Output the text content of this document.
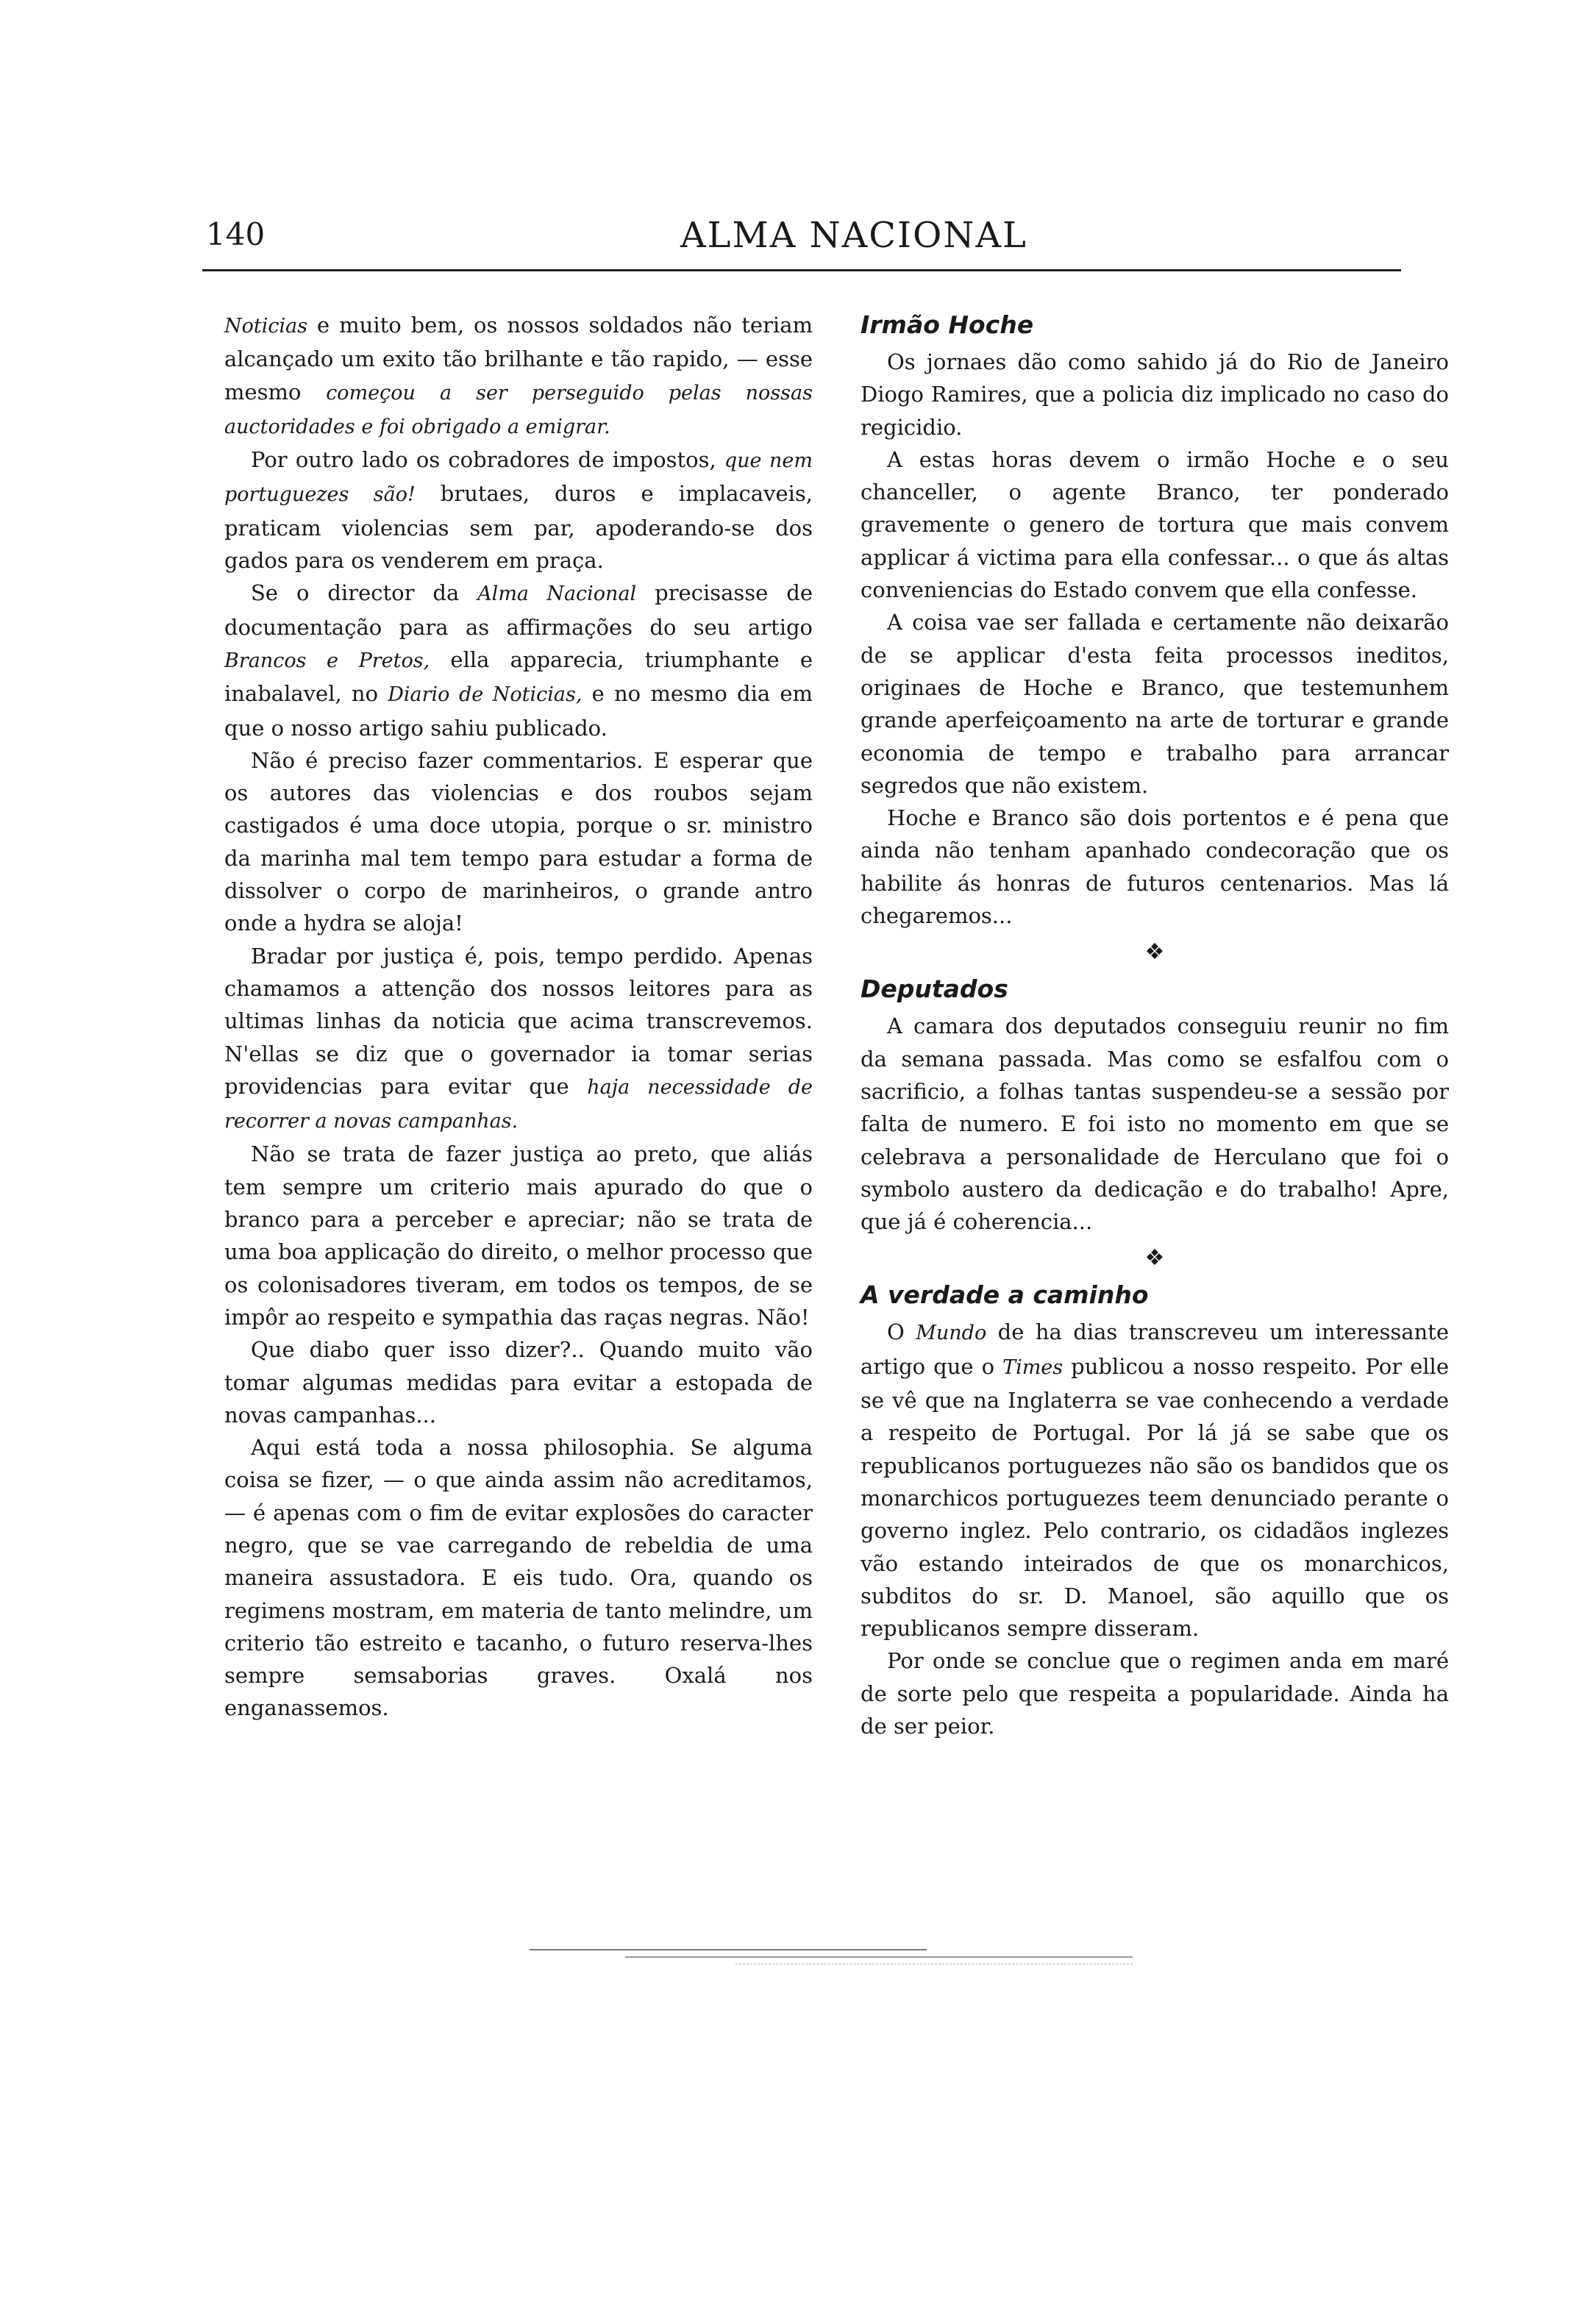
140	ALMA NACIONAL

Noticias e muito bem, os nossos soldados não teriam alcançado um exito tão brilhante e tão rapido, — esse mesmo começou a ser perseguido pelas nossas auctoridades e foi obrigado a emigrar.

Por outro lado os cobradores de impostos, que nem portuguezes são! brutaes, duros e implacaveis, praticam violencias sem par, apoderando-se dos gados para os venderem em praça.

Se o director da Alma Nacional precisasse de documentação para as affirmações do seu artigo Brancos e Pretos, ella apparecia, triumphante e inabalavel, no Diario de Noticias, e no mesmo dia em que o nosso artigo sahiu publicado.

Não é preciso fazer commentarios. E esperar que os autores das violencias e dos roubos sejam castigados é uma doce utopia, porque o sr. ministro da marinha mal tem tempo para estudar a forma de dissolver o corpo de marinheiros, o grande antro onde a hydra se aloja!

Bradar por justiça é, pois, tempo perdido. Apenas chamamos a attenção dos nossos leitores para as ultimas linhas da noticia que acima transcrevemos. N'ellas se diz que o governador ia tomar serias providencias para evitar que haja necessidade de recorrer a novas campanhas.

Não se trata de fazer justiça ao preto, que aliás tem sempre um criterio mais apurado do que o branco para a perceber e apreciar; não se trata de uma boa applicação do direito, o melhor processo que os colonisadores tiveram, em todos os tempos, de se impôr ao respeito e sympathia das raças negras. Não!

Que diabo quer isso dizer?.. Quando muito vão tomar algumas medidas para evitar a estopada de novas campanhas...

Aqui está toda a nossa philosophia. Se alguma coisa se fizer, — o que ainda assim não acreditamos, — é apenas com o fim de evitar explosões do caracter negro, que se vae carregando de rebeldia de uma maneira assustadora. E eis tudo. Ora, quando os regimens mostram, em materia de tanto melindre, um criterio tão estreito e tacanho, o futuro reserva-lhes sempre semsaborias graves. Oxalá nos enganassemos.

Irmão Hoche

Os jornaes dão como sahido já do Rio de Janeiro Diogo Ramires, que a policia diz implicado no caso do regicidio.

A estas horas devem o irmão Hoche e o seu chanceller, o agente Branco, ter ponderado gravemente o genero de tortura que mais convem applicar á victima para ella confessar... o que ás altas conveniencias do Estado convem que ella confesse.

A coisa vae ser fallada e certamente não deixarão de se applicar d'esta feita processos ineditos, originaes de Hoche e Branco, que testemunhem grande aperfeiçoamento na arte de torturar e grande economia de tempo e trabalho para arrancar segredos que não existem.

Hoche e Branco são dois portentos e é pena que ainda não tenham apanhado condecoração que os habilite ás honras de futuros centenarios. Mas lá chegaremos...

❖
Deputados

A camara dos deputados conseguiu reunir no fim da semana passada. Mas como se esfalfou com o sacrificio, a folhas tantas suspendeu-se a sessão por falta de numero. E foi isto no momento em que se celebrava a personalidade de Herculano que foi o symbolo austero da dedicação e do trabalho! Apre, que já é coherencia...

❖
A verdade a caminho

O Mundo de ha dias transcreveu um interessante artigo que o Times publicou a nosso respeito. Por elle se vê que na Inglaterra se vae conhecendo a verdade a respeito de Portugal. Por lá já se sabe que os republicanos portuguezes não são os bandidos que os monarchicos portuguezes teem denunciado perante o governo inglez. Pelo contrario, os cidadãos inglezes vão estando inteirados de que os monarchicos, subditos do sr. D. Manoel, são aquillo que os republicanos sempre disseram.

Por onde se conclue que o regimen anda em maré de sorte pelo que respeita a popularidade. Ainda ha de ser peior.
